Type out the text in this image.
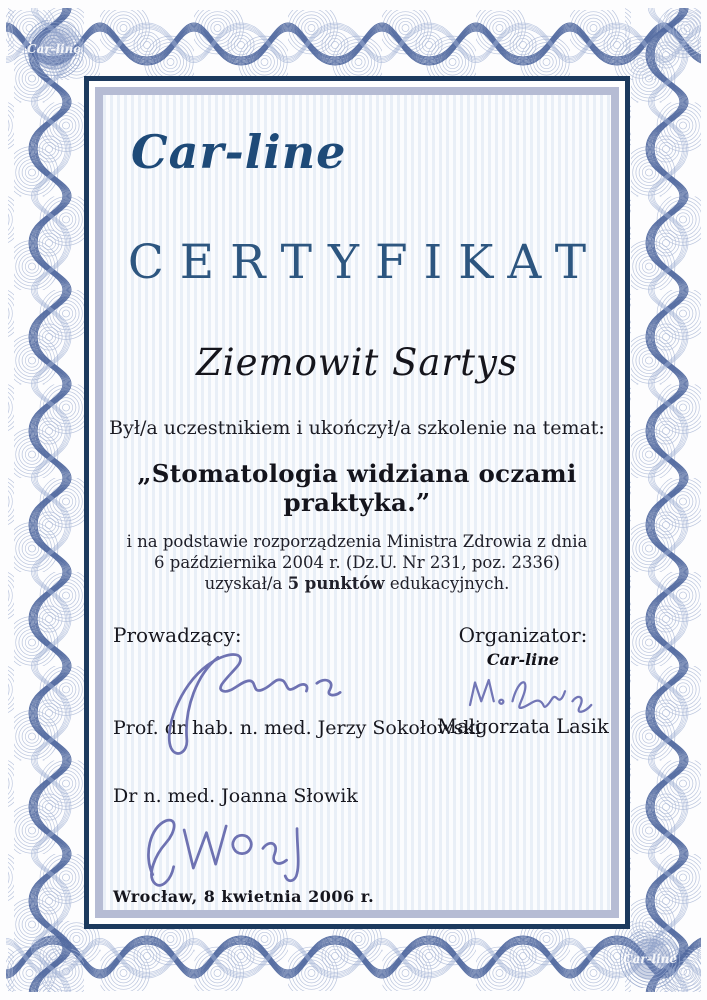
Car-line
Car-line
Car-line
CERTYFIKAT
Ziemowit Sartys
Był/a uczestnikiem i ukończył/a szkolenie na temat:
„Stomatologia widziana oczami praktyka.”
i na podstawie rozporządzenia Ministra Zdrowia z dnia
6 października 2004 r. (Dz.U. Nr 231, poz. 2336)
uzyskał/a 5 punktów edukacyjnych.
Prowadzący:	Organizator:
Car-line
Prof. dr hab. n. med. Jerzy Sokołowski
Małgorzata Lasik
Dr n. med. Joanna Słowik
Wrocław, 8 kwietnia 2006 r.
